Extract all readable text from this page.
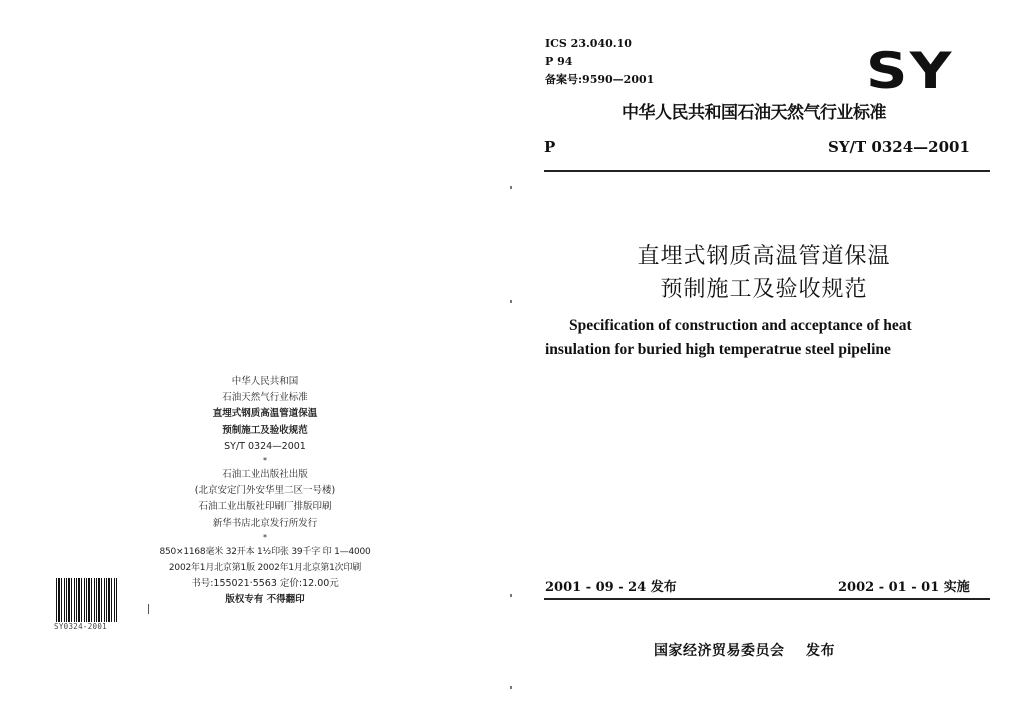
中华人民共和国
石油天然气行业标准
直埋式钢质高温管道保温
预制施工及验收规范
SY/T 0324—2001
*
石油工业出版社出版
(北京安定门外安华里二区一号楼)
石油工业出版社印刷厂排版印刷
新华书店北京发行所发行
*
850×1168毫米 32开本 1½印张 39千字 印 1—4000
2002年1月北京第1版 2002年1月北京第1次印刷
书号:155021·5563 定价:12.00元
版权专有 不得翻印
SY0324-2001
ICS 23.040.10
P 94
备案号:9590—2001	SY
中华人民共和国石油天然气行业标准
P	SY/T 0324—2001
直埋式钢质高温管道保温
预制施工及验收规范
Specification of construction and acceptance of heat
insulation for buried high temperatrue steel pipeline
2001 - 09 - 24 发布	2002 - 01 - 01 实施
国家经济贸易委员会    发布
